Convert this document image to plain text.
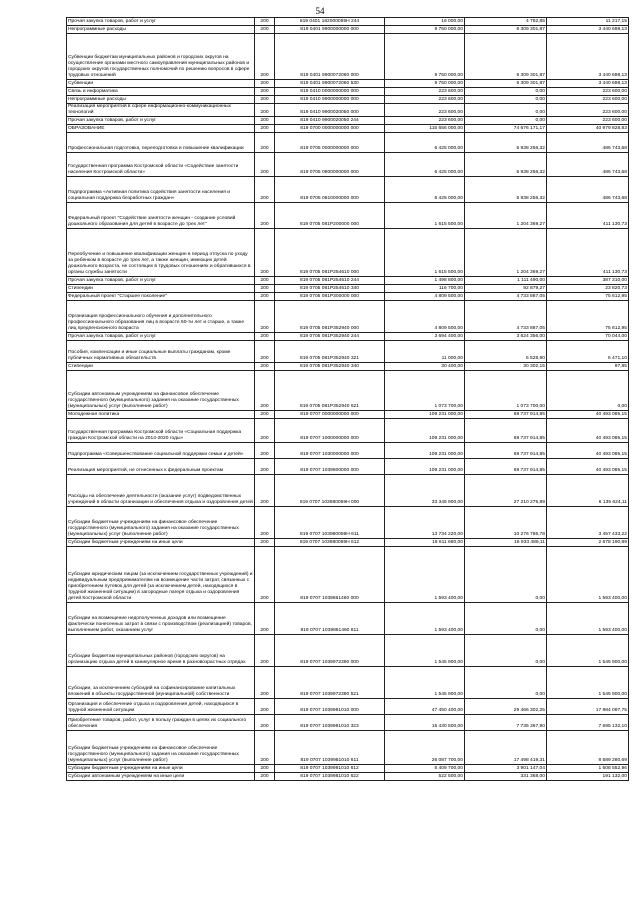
54
Прочая закупка товаров, работ и услуг	200	819 0401 182000059Н 244	16 000,00	4 782,85	11 217,15
Непрограммные расходы	200	819 0401 9900000000 000	9 750 000,00	6 309 301,87	3 440 698,13
Субвенции бюджетам муниципальных районов и городских округов на осуществление органами местного самоуправления муниципальных районов и городских округов государственных полномочий по решению вопросов в сфере трудовых отношений	200	819 0401 9900072060 000	9 750 000,00	6 309 301,87	3 440 698,13
Субвенции	200	819 0401 9900072060 530	9 750 000,00	6 309 301,87	3 440 698,13
Связь и информатика	200	819 0410 0000000000 000	223 600,00	0,00	223 600,00
Непрограммные расходы	200	819 0410 9900000000 000	223 600,00	0,00	223 600,00
Реализация мероприятий в сфере информационно-коммуникационных технологий	200	819 0410 9900020050 000	223 600,00	0,00	223 600,00
Прочая закупка товаров, работ и услуг	200	819 0410 9900020050 244	223 600,00	0,00	223 600,00
ОБРАЗОВАНИЕ	200	819 0700 0000000000 000	115 656 000,00	74 676 171,17	40 979 828,83
Профессиональная подготовка, переподготовка и повышение квалификации	200	819 0705 0000000000 000	6 425 000,00	5 938 256,32	486 743,68
Государственная программа Костромской области «Содействие занятости населения Костромской области»	200	819 0705 0800000000 000	6 425 000,00	5 938 256,32	486 743,68
Подпрограмма «Активная политика содействия занятости населения и социальная поддержка безработных граждан»	200	819 0705 0810000000 000	6 425 000,00	5 938 256,32	486 743,68
Федеральный проект "Содействие занятости женщин - создание условий дошкольного образования для детей в возрасте до трех лет"	200	819 0705 081P200000 000	1 615 500,00	1 204 369,27	411 130,73
Переобучение и повышение квалификации женщин в период отпуска по уходу за ребенком в возрасте до трех лет, а также женщин, имеющих детей дошкольного возраста, не состоящих в трудовых отношениях и обратившихся в органы службы занятости	200	819 0705 081P254610 000	1 615 500,00	1 204 369,27	411 130,73
Прочая закупка товаров, работ и услуг	200	819 0705 081P254610 244	1 498 800,00	1 111 490,00	387 310,00
Стипендии	200	819 0705 081P254610 340	116 700,00	92 879,27	23 820,73
Федеральный проект "Старшее поколение"	200	819 0705 081P300000 000	4 809 500,00	4 733 887,05	75 612,95
Организация профессионального обучения и дополнительного профессионального образования лиц в возрасте 50-ти лет и старше, а также лиц предпенсионного возраста	200	819 0705 081P352940 000	4 809 500,00	4 733 887,05	75 612,95
Прочая закупка товаров, работ и услуг	200	819 0705 081P352940 244	3 694 400,00	3 624 356,00	70 044,00
Пособия, компенсации и иные социальные выплаты гражданам, кроме публичных нормативных обязательств	200	819 0705 081P352940 321	11 000,00	5 528,90	5 471,10
Стипендии	200	819 0705 081P352940 340	30 400,00	30 302,15	97,85
Субсидии автономным учреждениям на финансовое обеспечение государственного (муниципального) задания на оказание государственных (муниципальных) услуг (выполнение работ)	200	819 0705 081P352940 621	1 073 700,00	1 073 700,00	0,00
Молодежная политика	200	819 0707 0000000000 000	109 231 000,00	68 737 914,85	40 493 085,15
Государственная программа Костромской области «Социальная поддержка граждан Костромской области на 2014-2020 годы»	200	819 0707 1000000000 000	109 231 000,00	68 737 914,85	40 493 085,15
Подпрограмма «Совершенствование социальной поддержки семьи и детей»	200	819 0707 1030000000 000	109 231 000,00	68 737 914,85	40 493 085,15
Реализация мероприятий, не отнесенных к федеральным проектам	200	819 0707 1039800000 000	109 231 000,00	68 737 914,85	40 493 085,15
Расходы на обеспечение деятельности (оказание услуг) подведомственных учреждений в области организации и обеспечения отдыха и оздоровления детей	200	819 0707 103980059Н 000	33 345 900,00	27 210 275,89	6 135 624,11
Субсидии бюджетным учреждениям на финансовое обеспечение государственного (муниципального) задания на оказание государственных (муниципальных) услуг (выполнение работ)	200	819 0707 103980059Н 611	13 734 220,00	10 276 786,78	3 457 433,22
Субсидии бюджетным учреждениям на иные цели	200	819 0707 103980059Н 612	19 611 680,00	16 933 489,11	2 678 190,89
Субсидии юридическим лицам (за исключением государственных учреждений) и индивидуальным предпринимателям на возмещение части затрат, связанных с приобретением путевок для детей (за исключением детей, находящихся в трудной жизненной ситуации) в загородные лагеря отдыха и оздоровления детей Костромской области	200	819 0707 1039861460 000	1 593 400,00	0,00	1 593 400,00
Субсидии на возмещение недополученных доходов или возмещение фактически понесенных затрат в связи с производством (реализацией) товаров, выполнением работ, оказанием услуг	200	819 0707 1039861460 811	1 593 400,00	0,00	1 593 400,00
Субсидии бюджетам муниципальных районов (городских округов) на организацию отдыха детей в каникулярное время в разновозрастных отрядах	200	819 0707 1039972390 000	1 545 900,00	0,00	1 545 900,00
Субсидии, за исключением субсидий на софинансирование капитальных вложений в объекты государственной (муниципальной) собственности	200	819 0707 1039972390 521	1 545 900,00	0,00	1 545 900,00
Организация и обеспечение отдыха и оздоровления детей, находящихся в трудной жизненной ситуации	200	819 0707 1039981010 000	47 450 400,00	29 466 302,25	17 984 097,75
Приобретение товаров, работ, услуг в пользу граждан в целях их социального обеспечения	200	819 0707 1039981010 323	15 430 500,00	7 735 367,90	7 695 132,10
Субсидии бюджетным учреждениям на финансовое обеспечение государственного (муниципального) задания на оказание государственных (муниципальных) услуг (выполнение работ)	200	819 0707 1039981010 611	26 087 700,00	17 498 419,31	8 589 280,69
Субсидии бюджетным учреждениям на иные цели	200	819 0707 1039981010 612	5 409 700,00	3 901 147,04	1 508 552,96
Субсидии автономным учреждениям на иные цели	200	819 0707 1039981010 622	522 500,00	331 368,00	191 132,00
